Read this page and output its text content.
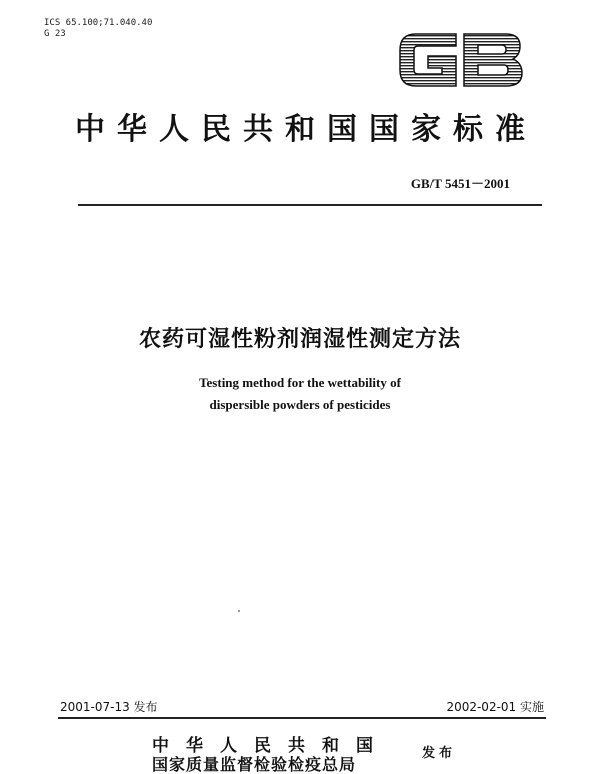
ICS 65.100;71.040.40
G 23
GB
中华人民共和国国家标准
GB/T 5451－2001
农药可湿性粉剂润湿性测定方法
Testing method for the wettability of
dispersible powders of pesticides
2001-07-13 发布	2002-02-01 实施
中华人民共和国
国家质量监督检验检疫总局
发布
